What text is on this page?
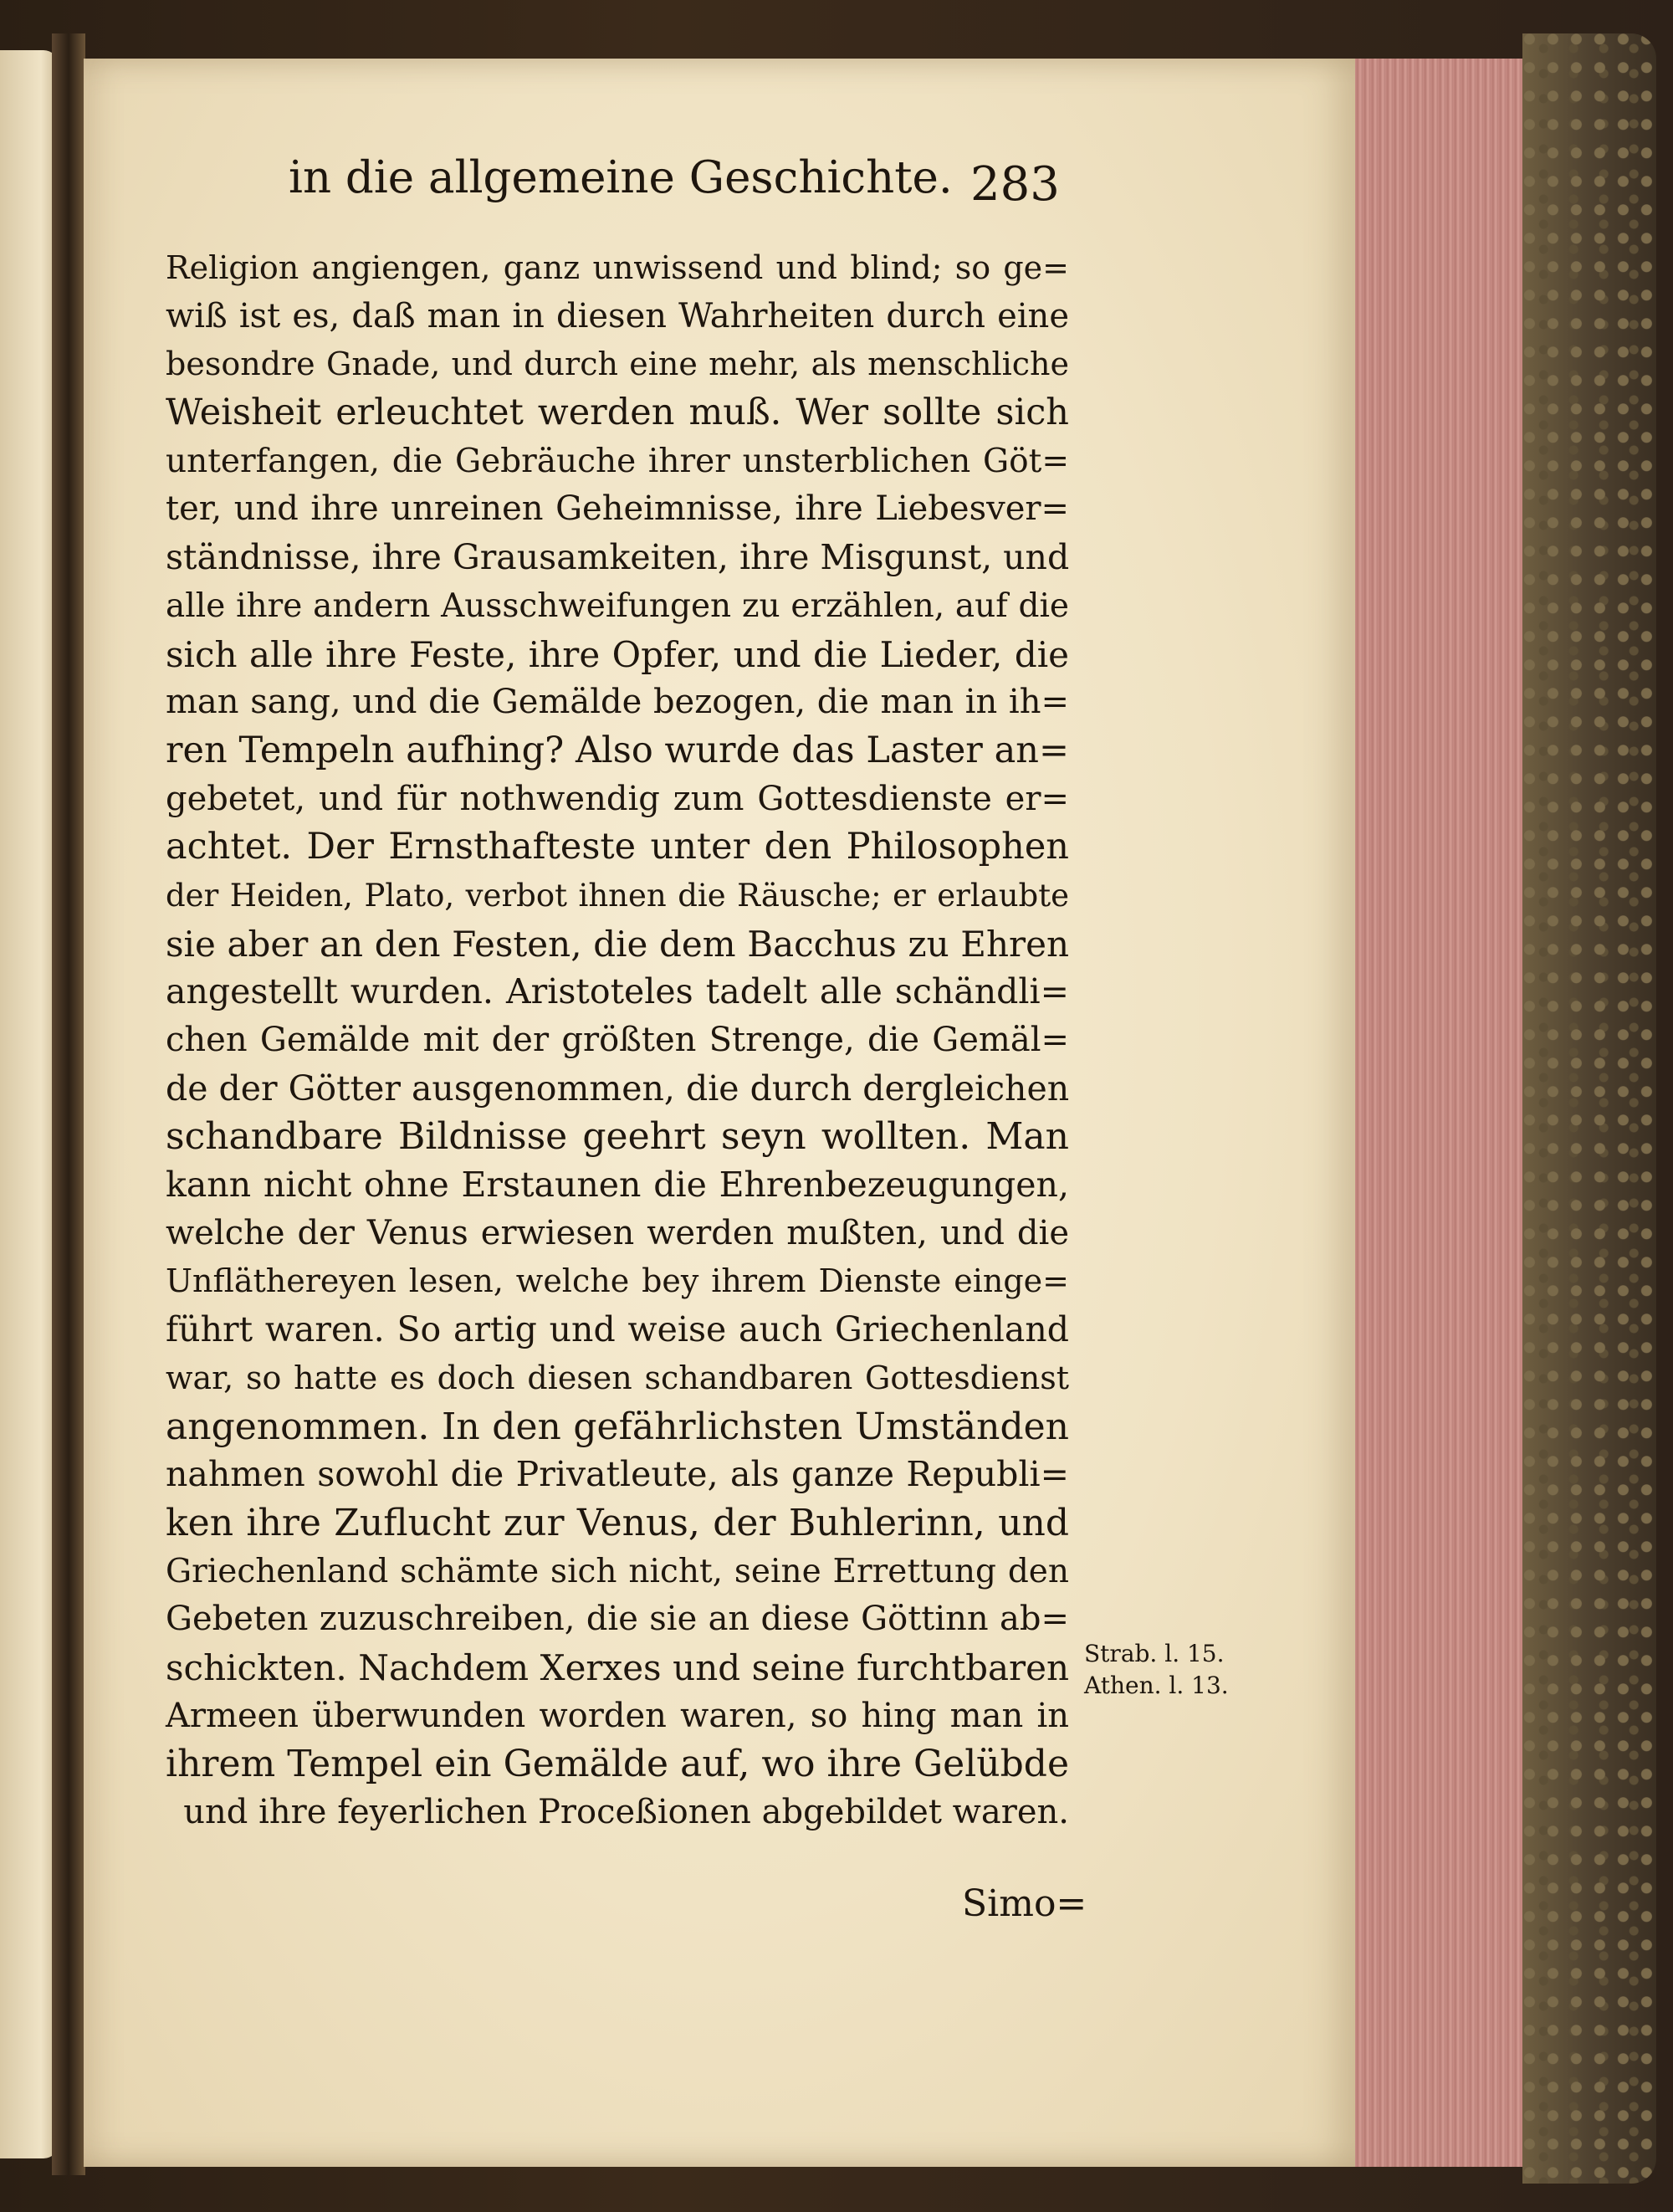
in die allgemeine Geschichte. 283
Religion angiengen, ganz unwissend und blind; so ge=
wiß ist es, daß man in diesen Wahrheiten durch eine
besondre Gnade, und durch eine mehr, als menschliche
Weisheit erleuchtet werden muß. Wer sollte sich
unterfangen, die Gebräuche ihrer unsterblichen Göt=
ter, und ihre unreinen Geheimnisse, ihre Liebesver=
ständnisse, ihre Grausamkeiten, ihre Misgunst, und
alle ihre andern Ausschweifungen zu erzählen, auf die
sich alle ihre Feste, ihre Opfer, und die Lieder, die
man sang, und die Gemälde bezogen, die man in ih=
ren Tempeln aufhing? Also wurde das Laster an=
gebetet, und für nothwendig zum Gottesdienste er=
achtet. Der Ernsthafteste unter den Philosophen
der Heiden, Plato, verbot ihnen die Räusche; er erlaubte
sie aber an den Festen, die dem Bacchus zu Ehren
angestellt wurden. Aristoteles tadelt alle schändli=
chen Gemälde mit der größten Strenge, die Gemäl=
de der Götter ausgenommen, die durch dergleichen
schandbare Bildnisse geehrt seyn wollten. Man
kann nicht ohne Erstaunen die Ehrenbezeugungen,
welche der Venus erwiesen werden mußten, und die
Unfläthereyen lesen, welche bey ihrem Dienste einge=
führt waren. So artig und weise auch Griechenland
war, so hatte es doch diesen schandbaren Gottesdienst
angenommen. In den gefährlichsten Umständen
nahmen sowohl die Privatleute, als ganze Republi=
ken ihre Zuflucht zur Venus, der Buhlerinn, und
Griechenland schämte sich nicht, seine Errettung den
Gebeten zuzuschreiben, die sie an diese Göttinn ab=
schickten. Nachdem Xerxes und seine furchtbaren
Armeen überwunden worden waren, so hing man in
ihrem Tempel ein Gemälde auf, wo ihre Gelübde
und ihre feyerlichen Proceßionen abgebildet waren.
Simo=
Strab. l. 15.
Athen. l. 13.
